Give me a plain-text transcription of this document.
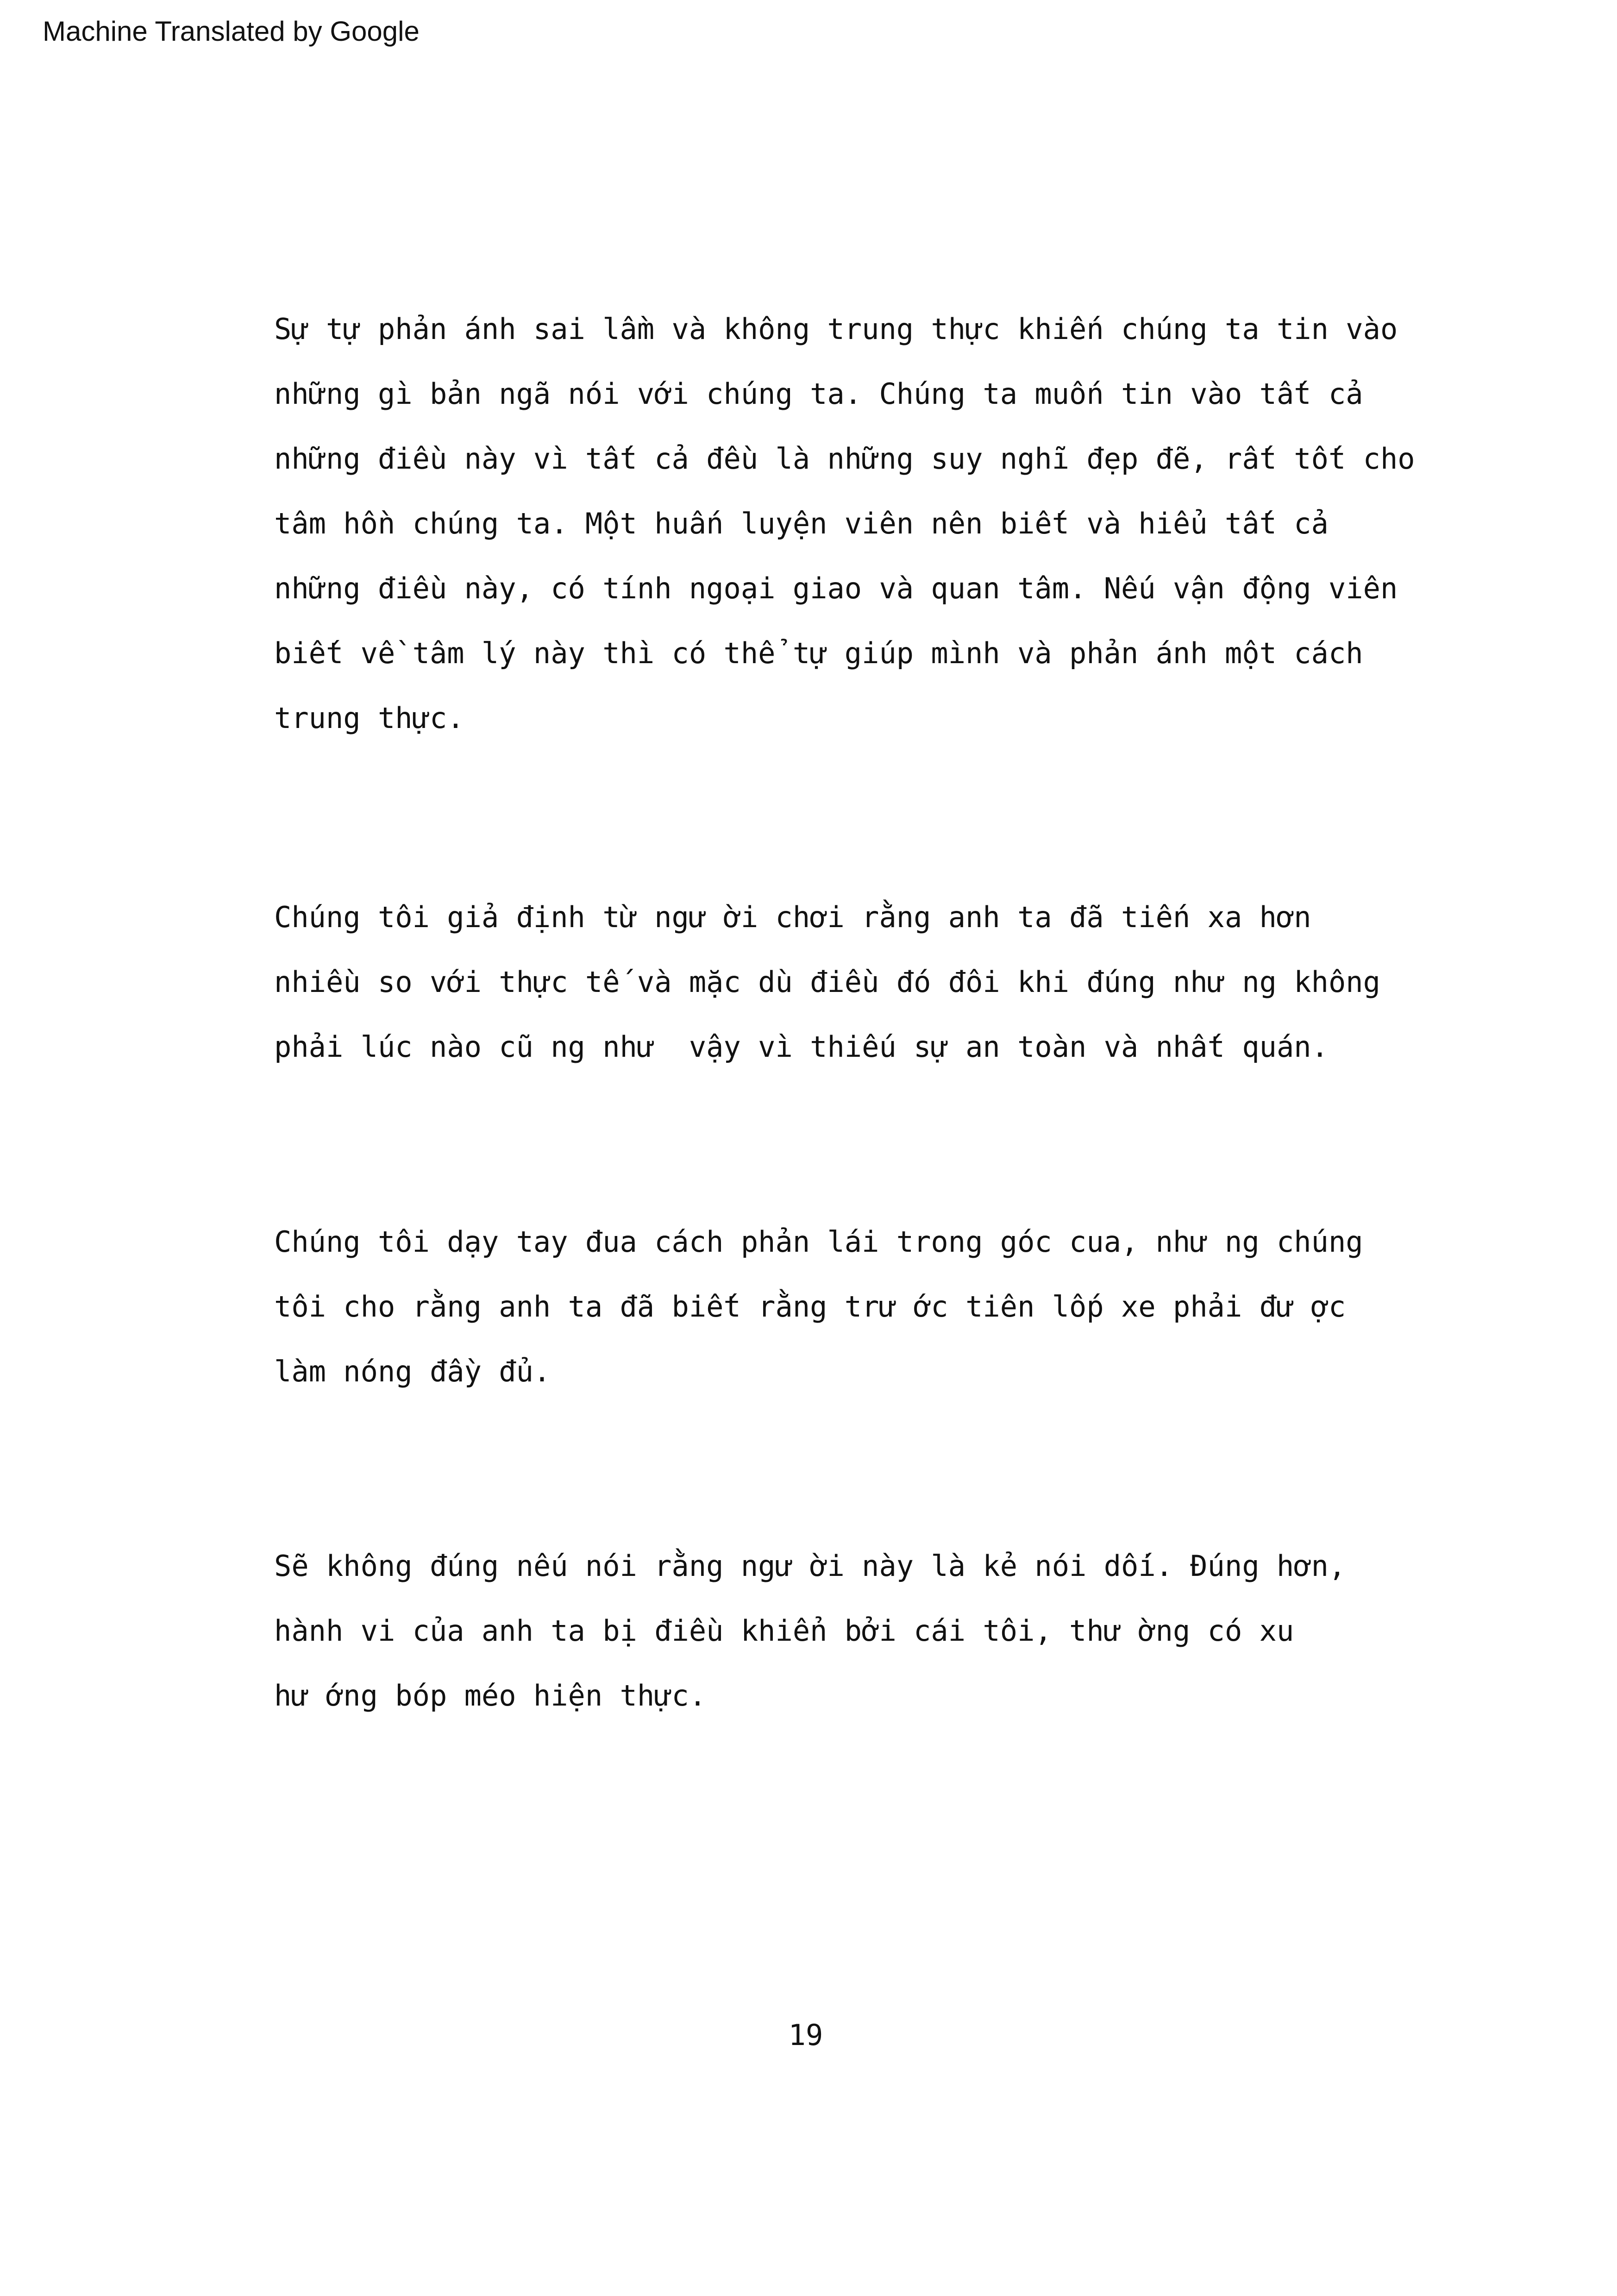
Machine Translated by Google
Sự tự phản ánh sai lầm và không trung thực khiến chúng ta tin vào
những gì bản ngã nói với chúng ta. Chúng ta muốn tin vào tất cả
những điều này vì tất cả đều là những suy nghĩ đẹp đẽ, rất tốt cho
tâm hồn chúng ta. Một huấn luyện viên nên biết và hiểu tất cả
những điều này, có tính ngoại giao và quan tâm. Nếu vận động viên
biết về tâm lý này thì có thể tự giúp mình và phản ánh một cách
trung thực.
Chúng tôi giả định từ ngư ời chơi rằng anh ta đã tiến xa hơn
nhiều so với thực tế và mặc dù điều đó đôi khi đúng như ng không
phải lúc nào cũ ng như  vậy vì thiếu sự an toàn và nhất quán.
Chúng tôi dạy tay đua cách phản lái trong góc cua, như ng chúng
tôi cho rằng anh ta đã biết rằng trư ớc tiên lốp xe phải đư ợc
làm nóng đầy đủ.
Sẽ không đúng nếu nói rằng ngư ời này là kẻ nói dối. Đúng hơn,
hành vi của anh ta bị điều khiển bởi cái tôi, thư ờng có xu
hư ớng bóp méo hiện thực.
19
